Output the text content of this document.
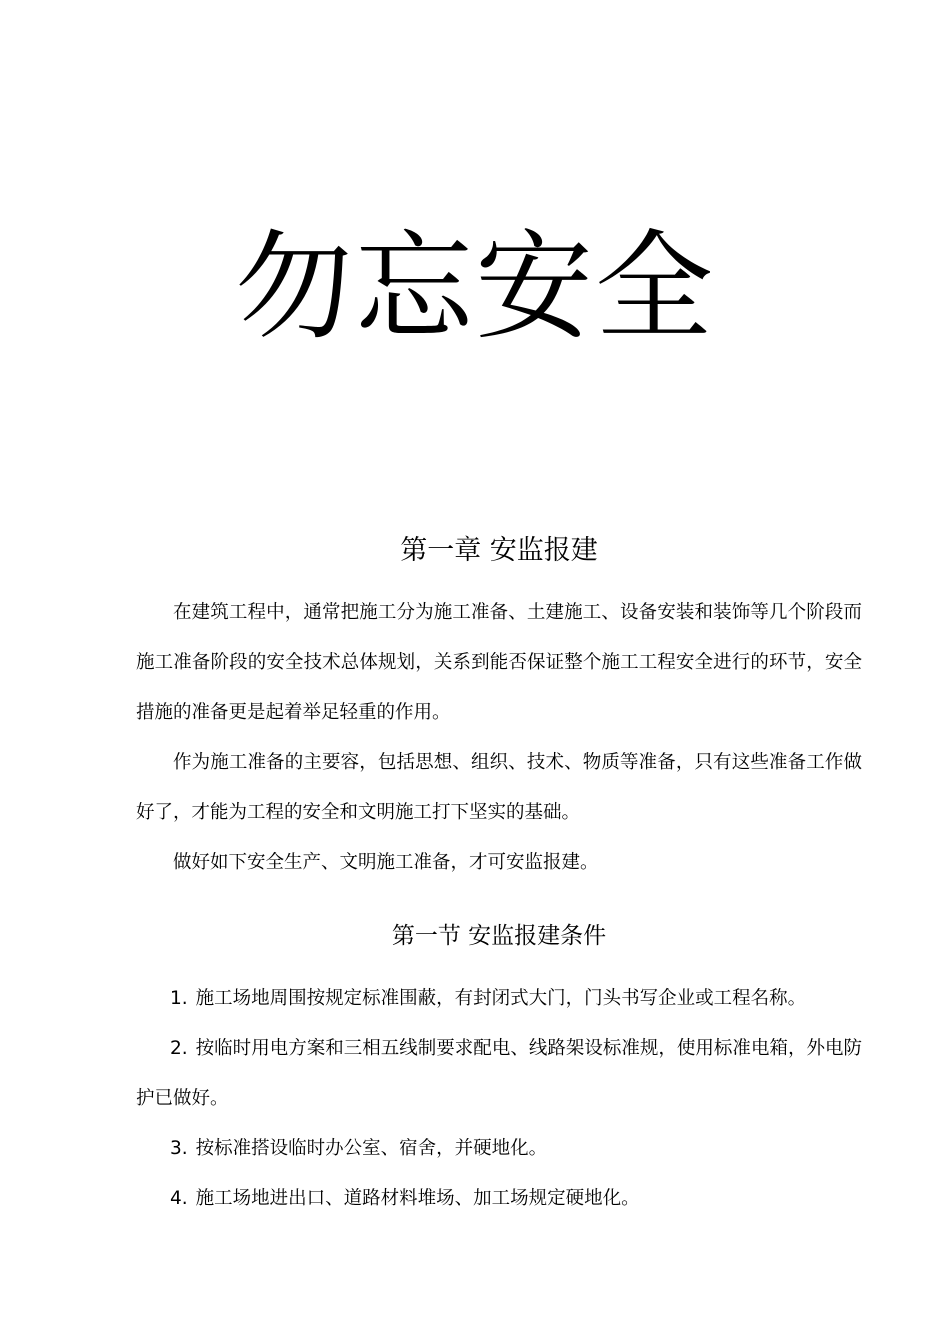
勿忘安全
第一章 安监报建

在建筑工程中，通常把施工分为施工准备、土建施工、设备安装和装饰等几个阶段而施工准备阶段的安全技术总体规划，关系到能否保证整个施工工程安全进行的环节，安全措施的准备更是起着举足轻重的作用。

作为施工准备的主要容，包括思想、组织、技术、物质等准备，只有这些准备工作做好了，才能为工程的安全和文明施工打下坚实的基础。

做好如下安全生产、文明施工准备，才可安监报建。

第一节 安监报建条件

1. 施工场地周围按规定标准围蔽，有封闭式大门，门头书写企业或工程名称。

2. 按临时用电方案和三相五线制要求配电、线路架设标准规，使用标准电箱，外电防护已做好。

3. 按标准搭设临时办公室、宿舍，并硬地化。

4. 施工场地进出口、道路材料堆场、加工场规定硬地化。
